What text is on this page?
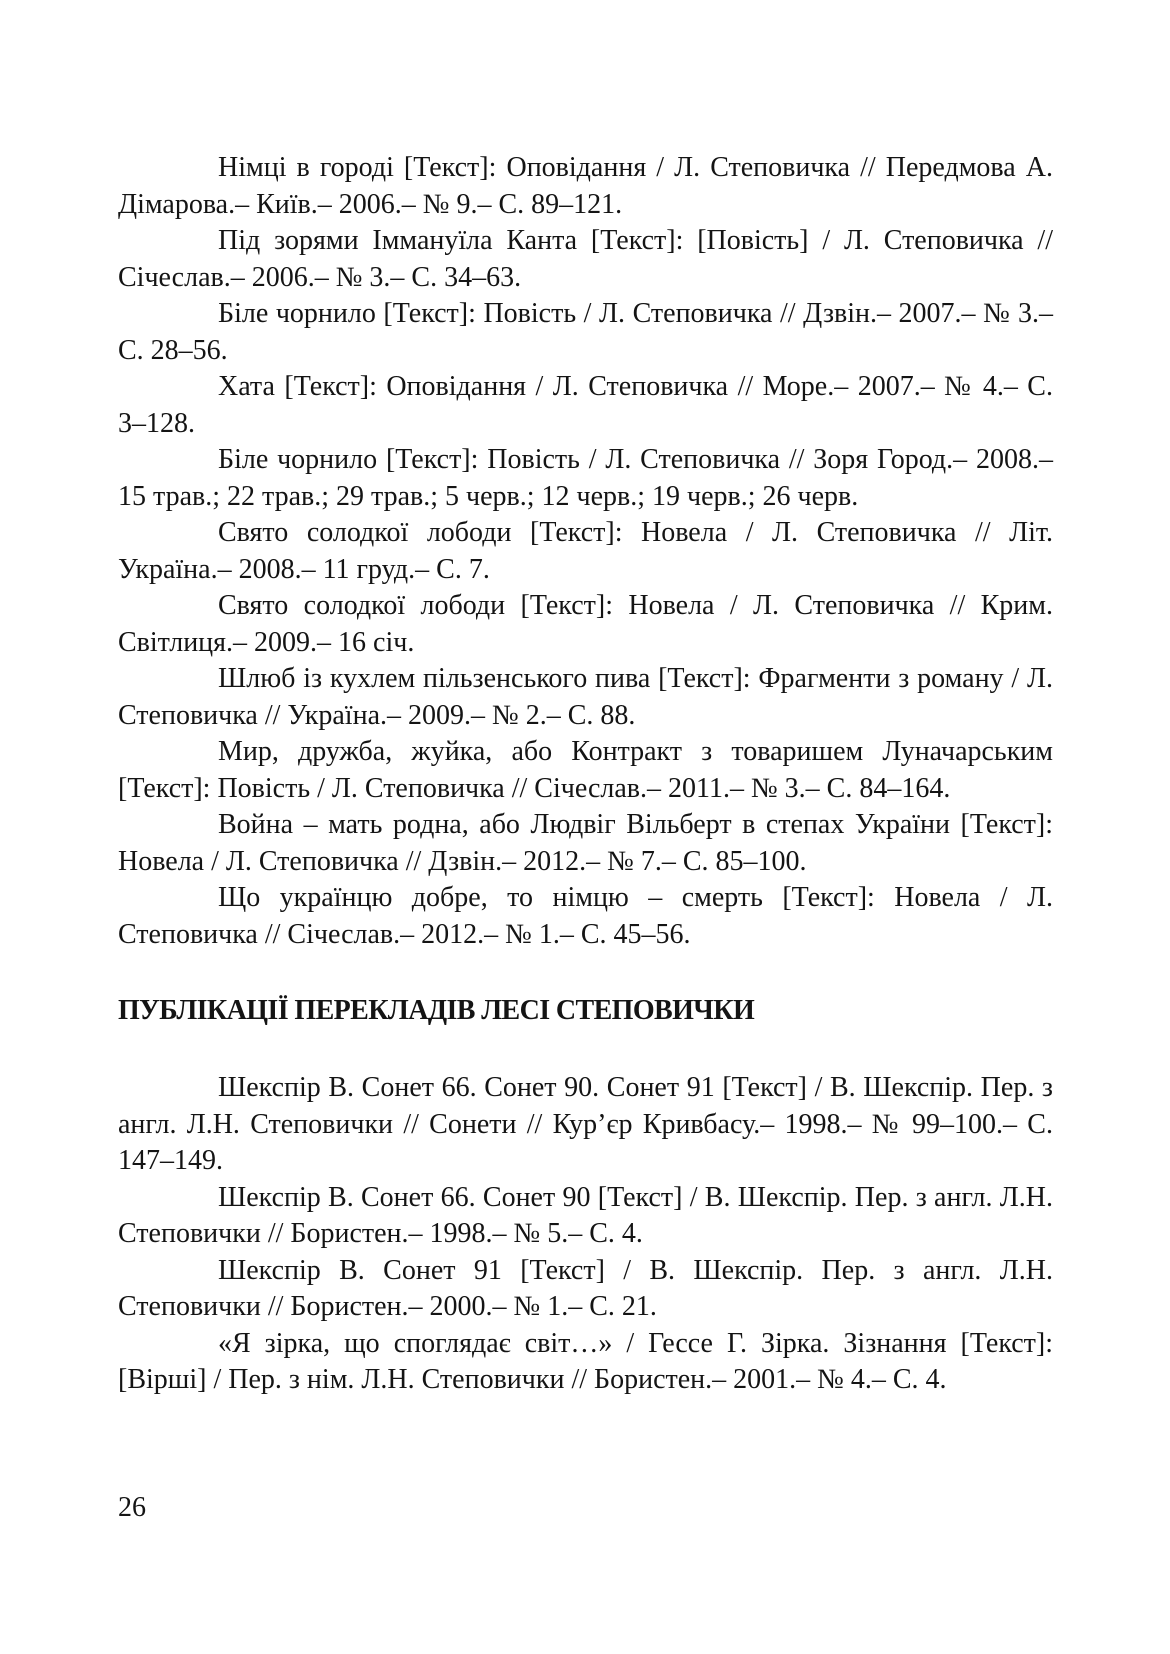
Німці в городі [Текст]: Оповідання / Л. Степовичка // Передмова А. Дімарова.– Київ.– 2006.– № 9.– С. 89–121.

Під зорями Іммануїла Канта [Текст]: [Повість] / Л. Степовичка // Січеслав.– 2006.– № 3.– С. 34–63.

Біле чорнило [Текст]: Повість / Л. Степовичка // Дзвін.– 2007.– № 3.– С. 28–56.

Хата [Текст]: Оповідання / Л. Степовичка // Море.– 2007.– № 4.– С. 3–128.

Біле чорнило [Текст]: Повість / Л. Степовичка // Зоря Город.– 2008.– 15 трав.; 22 трав.; 29 трав.; 5 черв.; 12 черв.; 19 черв.; 26 черв.

Свято солодкої лободи [Текст]: Новела / Л. Степовичка // Літ. Україна.– 2008.– 11 груд.– С. 7.

Свято солодкої лободи [Текст]: Новела / Л. Степовичка // Крим. Світлиця.– 2009.– 16 січ.

Шлюб із кухлем пільзенського пива [Текст]: Фрагменти з роману / Л. Степовичка // Україна.– 2009.– № 2.– С. 88.

Мир, дружба, жуйка, або Контракт з товаришем Луначарським [Текст]: Повість / Л. Степовичка // Січеслав.– 2011.– № 3.– С. 84–164.

Война – мать родна, або Людвіг Вільберт в степах України [Текст]: Новела / Л. Степовичка // Дзвін.– 2012.– № 7.– С. 85–100.

Що українцю добре, то німцю – смерть [Текст]: Новела / Л. Степовичка // Січеслав.– 2012.– № 1.– С. 45–56.

ПУБЛІКАЦІЇ ПЕРЕКЛАДІВ ЛЕСІ СТЕПОВИЧКИ

Шекспір В. Сонет 66. Сонет 90. Сонет 91 [Текст] / В. Шекспір. Пер. з англ. Л.Н. Степовички // Сонети // Кур’єр Кривбасу.– 1998.– № 99–100.– С. 147–149.

Шекспір В. Сонет 66. Сонет 90 [Текст] / В. Шекспір. Пер. з англ. Л.Н. Степовички // Бористен.– 1998.– № 5.– С. 4.

Шекспір В. Сонет 91 [Текст] / В. Шекспір. Пер. з англ. Л.Н. Степовички // Бористен.– 2000.– № 1.– С. 21.

«Я зірка, що споглядає світ…» / Гессе Г. Зірка. Зізнання [Текст]: [Вірші] / Пер. з нім. Л.Н. Степовички // Бористен.– 2001.– № 4.– С. 4.

26
